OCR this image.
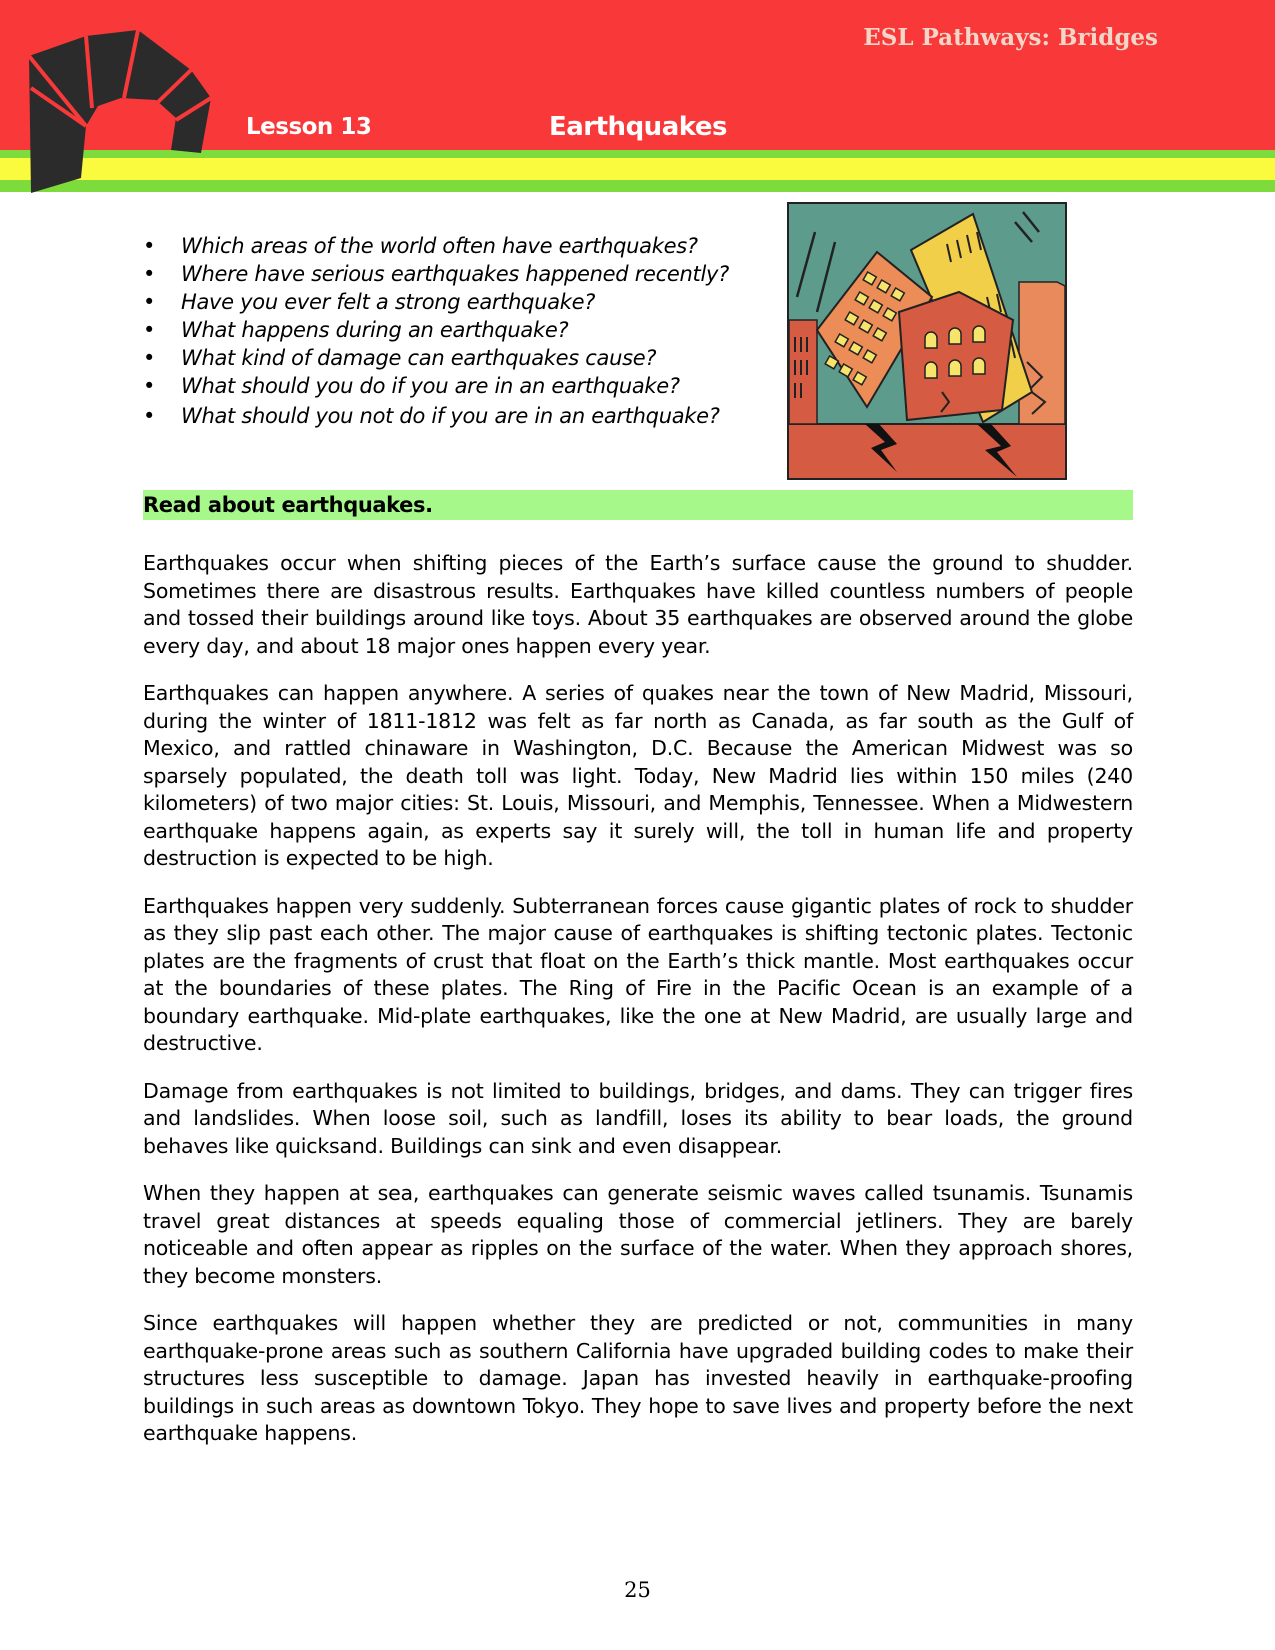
ESL Pathways: Bridges
Lesson 13	Earthquakes
• Which areas of the world often have earthquakes?
• Where have serious earthquakes happened recently?
• Have you ever felt a strong earthquake?
• What happens during an earthquake?
• What kind of damage can earthquakes cause?
• What should you do if you are in an earthquake?
• What should you not do if you are in an earthquake?
Read about earthquakes.

Earthquakes occur when shifting pieces of the Earth’s surface cause the ground to shudder. Sometimes there are disastrous results. Earthquakes have killed countless numbers of people and tossed their buildings around like toys. About 35 earthquakes are observed around the globe every day, and about 18 major ones happen every year.

Earthquakes can happen anywhere. A series of quakes near the town of New Madrid, Missouri, during the winter of 1811-1812 was felt as far north as Canada, as far south as the Gulf of Mexico, and rattled chinaware in Washington, D.C. Because the American Midwest was so sparsely populated, the death toll was light. Today, New Madrid lies within 150 miles (240 kilometers) of two major cities: St. Louis, Missouri, and Memphis, Tennessee. When a Midwestern earthquake happens again, as experts say it surely will, the toll in human life and property destruction is expected to be high.

Earthquakes happen very suddenly. Subterranean forces cause gigantic plates of rock to shudder as they slip past each other. The major cause of earthquakes is shifting tectonic plates. Tectonic plates are the fragments of crust that float on the Earth’s thick mantle. Most earthquakes occur at the boundaries of these plates. The Ring of Fire in the Pacific Ocean is an example of a boundary earthquake. Mid-plate earthquakes, like the one at New Madrid, are usually large and destructive.

Damage from earthquakes is not limited to buildings, bridges, and dams. They can trigger fires and landslides. When loose soil, such as landfill, loses its ability to bear loads, the ground behaves like quicksand. Buildings can sink and even disappear.

When they happen at sea, earthquakes can generate seismic waves called tsunamis. Tsunamis travel great distances at speeds equaling those of commercial jetliners. They are barely noticeable and often appear as ripples on the surface of the water. When they approach shores, they become monsters.

Since earthquakes will happen whether they are predicted or not, communities in many earthquake-prone areas such as southern California have upgraded building codes to make their structures less susceptible to damage. Japan has invested heavily in earthquake-proofing buildings in such areas as downtown Tokyo. They hope to save lives and property before the next earthquake happens.

25
